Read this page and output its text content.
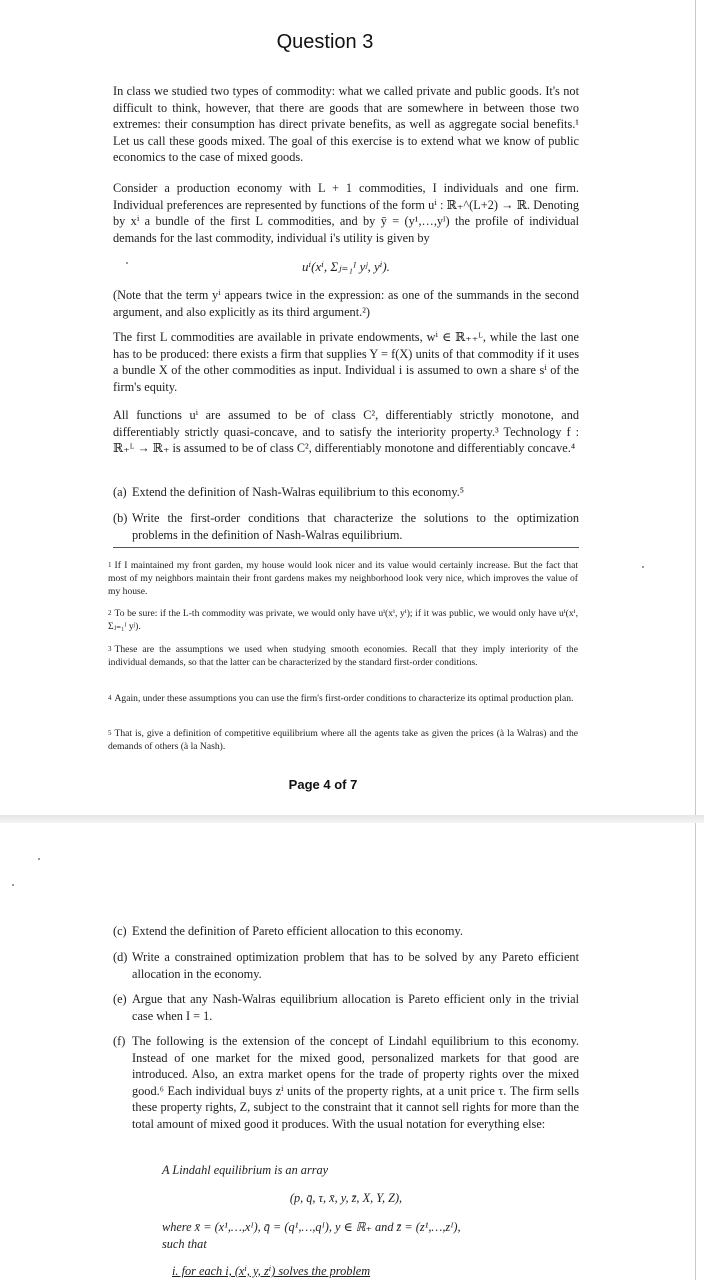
Question 3

In class we studied two types of commodity: what we called private and public goods. It's not difficult to think, however, that there are goods that are somewhere in between those two extremes: their consumption has direct private benefits, as well as aggregate social benefits.¹ Let us call these goods mixed. The goal of this exercise is to extend what we know of public economics to the case of mixed goods.

Consider a production economy with L + 1 commodities, I individuals and one firm. Individual preferences are represented by functions of the form uⁱ : ℝ₊^(L+2) → ℝ. Denoting by xⁱ a bundle of the first L commodities, and by ȳ = (y¹,…,yᴵ) the profile of individual demands for the last commodity, individual i's utility is given by

uⁱ(xⁱ, Σⱼ₌₁ᴵ yʲ, yⁱ).

(Note that the term yⁱ appears twice in the expression: as one of the summands in the second argument, and also explicitly as its third argument.²)

The first L commodities are available in private endowments, wⁱ ∈ ℝ₊₊ᴸ, while the last one has to be produced: there exists a firm that supplies Y = f(X) units of that commodity if it uses a bundle X of the other commodities as input. Individual i is assumed to own a share sⁱ of the firm's equity.

All functions uⁱ are assumed to be of class C², differentiably strictly monotone, and differentiably strictly quasi-concave, and to satisfy the interiority property.³ Technology f : ℝ₊ᴸ → ℝ₊ is assumed to be of class C², differentiably monotone and differentiably concave.⁴

(a) Extend the definition of Nash-Walras equilibrium to this economy.⁵
(b) Write the first-order conditions that characterize the solutions to the optimization problems in the definition of Nash-Walras equilibrium.
$^1$ If I maintained my front garden, my house would look nicer and its value would certainly increase. But the fact that most of my neighbors maintain their front gardens makes my neighborhood look very nice, which improves the value of my house.
$^2$ To be sure: if the L-th commodity was private, we would only have uⁱ(xⁱ, yⁱ); if it was public, we would only have uⁱ(xⁱ, Σⱼ₌₁ᴵ yʲ).
$^3$ These are the assumptions we used when studying smooth economies. Recall that they imply interiority of the individual demands, so that the latter can be characterized by the standard first-order conditions.
$^4$ Again, under these assumptions you can use the firm's first-order conditions to characterize its optimal production plan.
$^5$ That is, give a definition of competitive equilibrium where all the agents take as given the prices (à la Walras) and the demands of others (à la Nash).
Page 4 of 7
(c) Extend the definition of Pareto efficient allocation to this economy.
(d) Write a constrained optimization problem that has to be solved by any Pareto efficient allocation in the economy.
(e) Argue that any Nash-Walras equilibrium allocation is Pareto efficient only in the trivial case when I = 1.
(f) The following is the extension of the concept of Lindahl equilibrium to this economy. Instead of one market for the mixed good, personalized markets for that good are introduced. Also, an extra market opens for the trade of property rights over the mixed good.⁶ Each individual buys zⁱ units of the property rights, at a unit price τ. The firm sells these property rights, Z, subject to the constraint that it cannot sell rights for more than the total amount of mixed good it produces. With the usual notation for everything else:
A Lindahl equilibrium is an array
(p, q̄, τ, x̄, y, z̄, X, Y, Z),
where x̄ = (x¹,…,xᴵ), q̄ = (q¹,…,qᴵ), y ∈ ℝ₊ and z̄ = (z¹,…,zᴵ),
such that
i. for each i, (xⁱ, y, zⁱ) solves the problem
